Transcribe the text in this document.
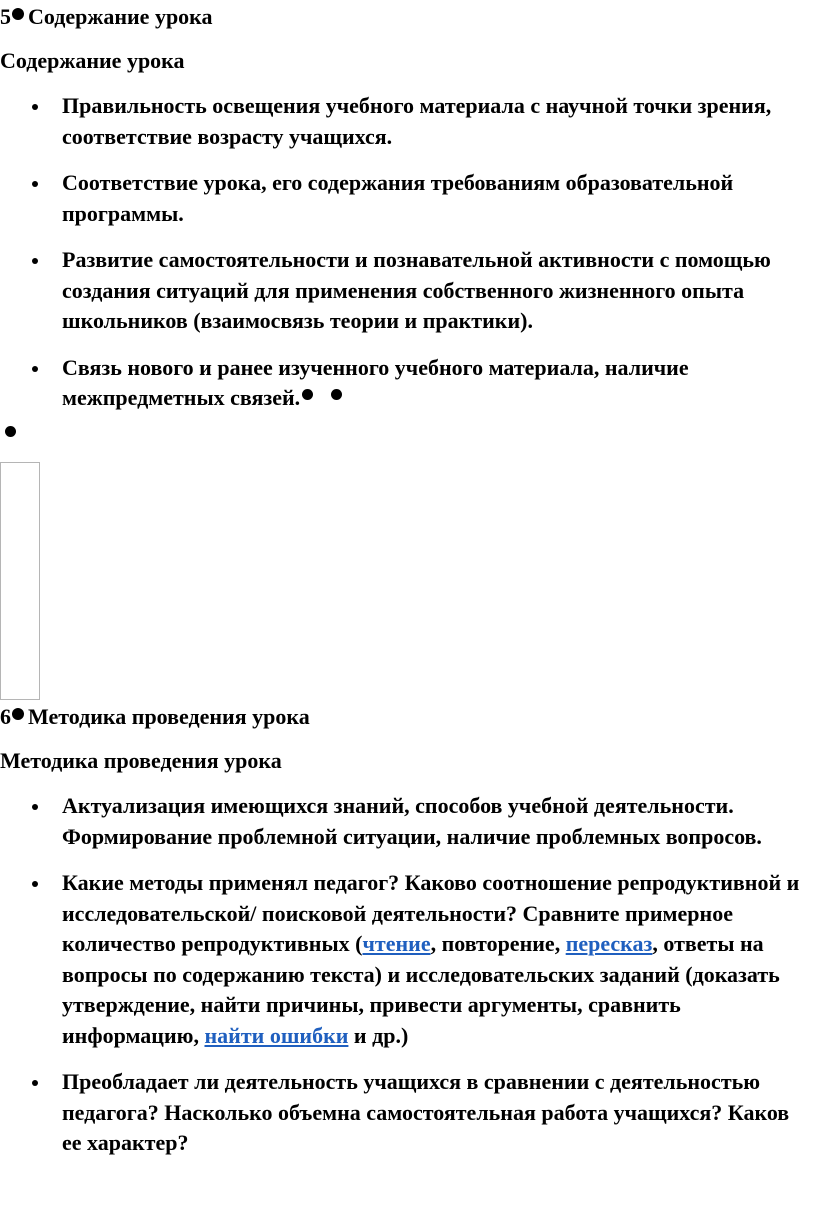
5 Содержание урока
Содержание урока
Правильность освещения учебного материала с научной точки зрения, соответствие возрасту учащихся.
Соответствие урока, его содержания требованиям образовательной программы.
Развитие самостоятельности и познавательной активности с помощью создания ситуаций для применения собственного жизненного опыта школьников (взаимосвязь теории и практики).
Связь нового и ранее изученного учебного материала, наличие межпредметных связей.
6 Методика проведения урока
Методика проведения урока
Актуализация имеющихся знаний, способов учебной деятельности. Формирование проблемной ситуации, наличие проблемных вопросов.
Какие методы применял педагог? Каково соотношение репродуктивной и исследовательской/ поисковой деятельности? Сравните примерное количество репродуктивных (чтение, повторение, пересказ, ответы на вопросы по содержанию текста) и исследовательских заданий (доказать утверждение, найти причины, привести аргументы, сравнить информацию, найти ошибки и др.)
Преобладает ли деятельность учащихся в сравнении с деятельностью педагога? Насколько объемна самостоятельная работа учащихся? Каков ее характер?
